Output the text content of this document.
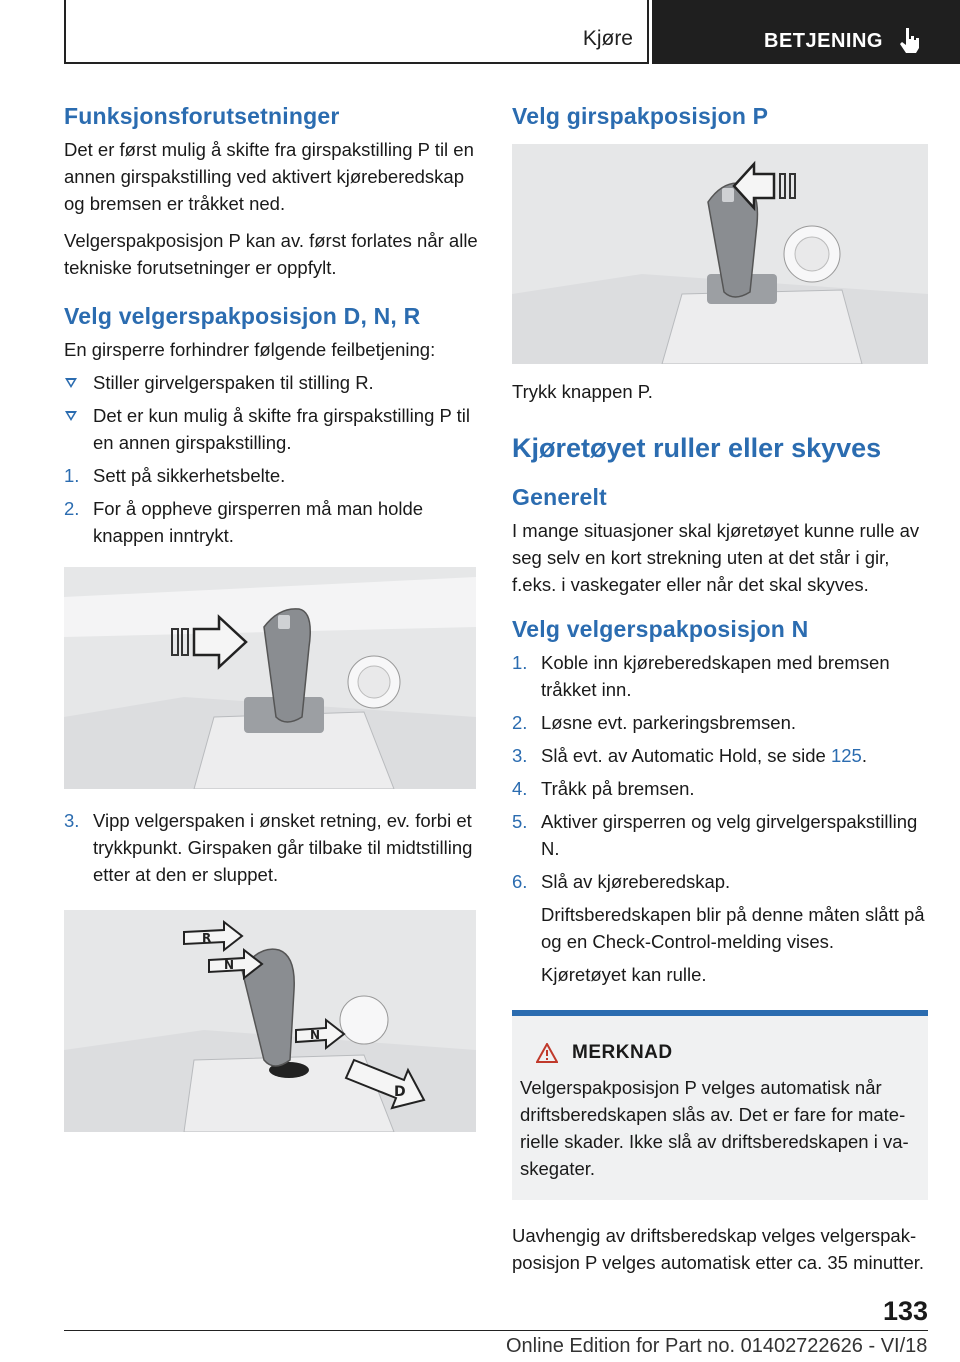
Kjøre	BETJENING
Funksjonsforutsetninger

Det er først mulig å skifte fra girspakstilling P til en annen girspakstilling ved aktivert kjøreberedskap og bremsen er tråkket ned.

Velgerspakposisjon P kan av. først forlates når alle tekniske forutsetninger er oppfylt.

Velg velgerspakposisjon D, N, R

En girsperre forhindrer følgende feilbetjening:

Stiller girvelgerspaken til stilling R.
Det er kun mulig å skifte fra girspakstilling P til en annen girspakstilling.
1. Sett på sikkerhetsbelte.
2. For å oppheve girsperren må man holde knappen inntrykt.
3. Vipp velgerspaken i ønsket retning, ev. forbi et trykkpunkt. Girspaken går tilbake til midtstilling etter at den er sluppet.
R
N
N
D
Velg girspakposisjon P

Trykk knappen P.

Kjøretøyet ruller eller skyves
Generelt

I mange situasjoner skal kjøretøyet kunne rulle av seg selv en kort strekning uten at det står i gir, f.eks. i vaskegater eller når det skal skyves.

Velg velgerspakposisjon N
1. Koble inn kjøreberedskapen med bremsen tråkket inn.
2. Løsne evt. parkeringsbremsen.
3. Slå evt. av Automatic Hold, se side 125.
4. Tråkk på bremsen.
5. Aktiver girsperren og velg girvelgerspakstilling N.
6. Slå av kjøreberedskap.
Driftsberedskapen blir på denne måten slått på og en Check-Control-melding vises.
Kjøretøyet kan rulle.
MERKNAD

Velgerspakposisjon P velges automatisk når driftsberedskapen slås av. Det er fare for materielle skader. Ikke slå av driftsberedskapen i vaskegater.

Uavhengig av driftsberedskap velges velgerspakposisjon P velges automatisk etter ca. 35 minutter.

133
Online Edition for Part no. 01402722626 - VI/18
